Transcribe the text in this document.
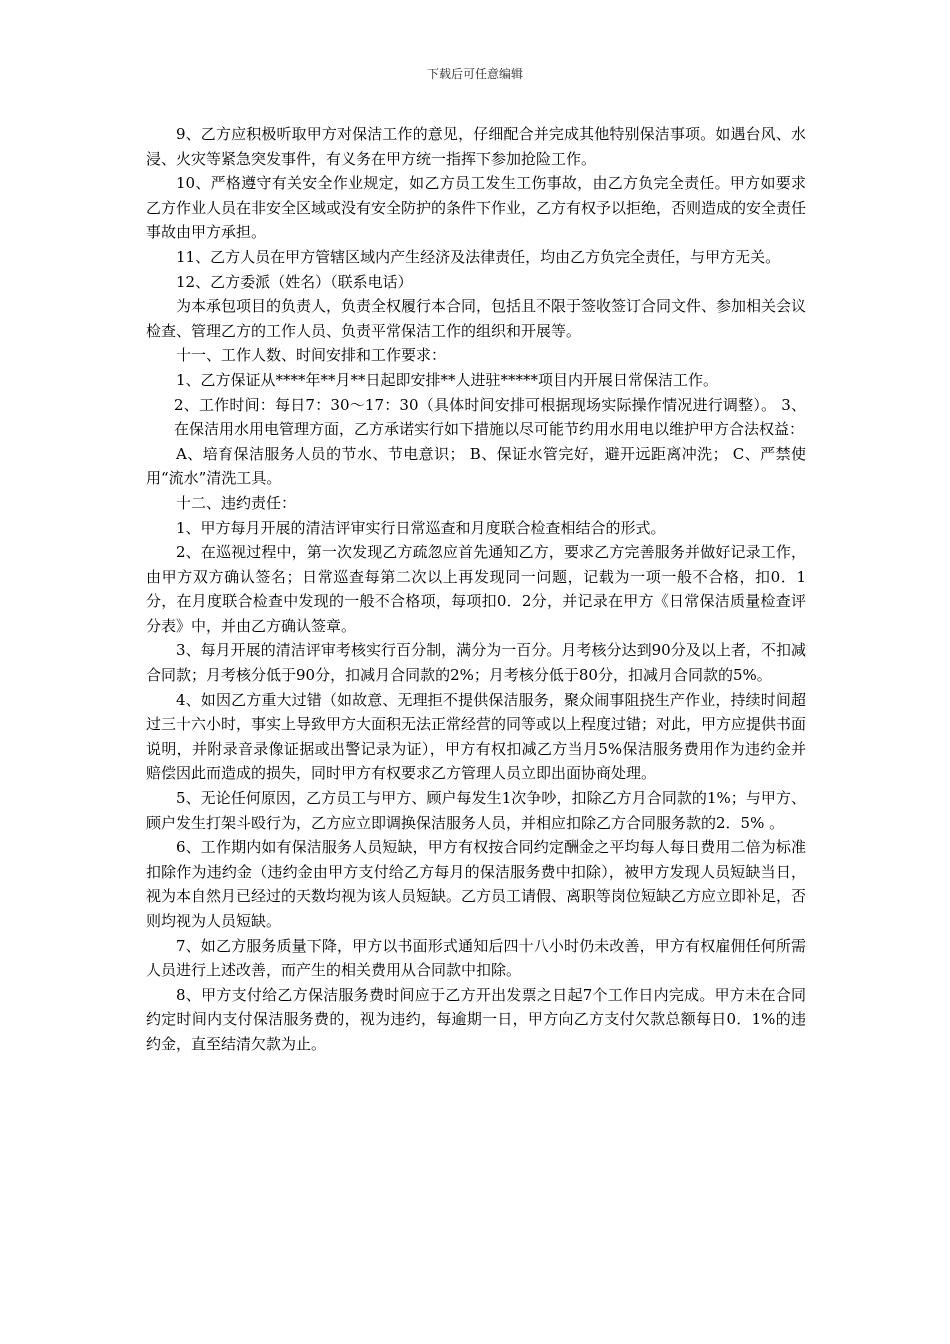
下载后可任意编辑

9、乙方应积极听取甲方对保洁工作的意见，仔细配合并完成其他特别保洁事项。如遇台风、水浸、火灾等紧急突发事件，有义务在甲方统一指挥下参加抢险工作。

10、严格遵守有关安全作业规定，如乙方员工发生工伤事故，由乙方负完全责任。甲方如要求乙方作业人员在非安全区域或没有安全防护的条件下作业，乙方有权予以拒绝，否则造成的安全责任事故由甲方承担。

11、乙方人员在甲方管辖区域内产生经济及法律责任，均由乙方负完全责任，与甲方无关。

12、乙方委派（姓名）（联系电话）

为本承包项目的负责人，负责全权履行本合同，包括且不限于签收签订合同文件、参加相关会议检查、管理乙方的工作人员、负责平常保洁工作的组织和开展等。

十一、工作人数、时间安排和工作要求：

1、乙方保证从****年**月**日起即安排**人进驻*****项目内开展日常保洁工作。

2、工作时间：每日7：30～17：30（具体时间安排可根据现场实际操作情况进行调整）。 3、在保洁用水用电管理方面，乙方承诺实行如下措施以尽可能节约用水用电以维护甲方合法权益：

A、培育保洁服务人员的节水、节电意识； B、保证水管完好，避开远距离冲洗； C、严禁使用“流水”清洗工具。

十二、违约责任：

1、甲方每月开展的清洁评审实行日常巡查和月度联合检查相结合的形式。

2、在巡视过程中，第一次发现乙方疏忽应首先通知乙方，要求乙方完善服务并做好记录工作，由甲方双方确认签名；日常巡查每第二次以上再发现同一问题，记载为一项一般不合格，扣0．1分，在月度联合检查中发现的一般不合格项，每项扣0．2分，并记录在甲方《日常保洁质量检查评分表》中，并由乙方确认签章。

3、每月开展的清洁评审考核实行百分制，满分为一百分。月考核分达到90分及以上者，不扣减合同款；月考核分低于90分，扣减月合同款的2%；月考核分低于80分，扣减月合同款的5%。

4、如因乙方重大过错（如故意、无理拒不提供保洁服务，聚众闹事阻挠生产作业，持续时间超过三十六小时，事实上导致甲方大面积无法正常经营的同等或以上程度过错；对此，甲方应提供书面说明，并附录音录像证据或出警记录为证），甲方有权扣减乙方当月5%保洁服务费用作为违约金并赔偿因此而造成的损失，同时甲方有权要求乙方管理人员立即出面协商处理。

5、无论任何原因，乙方员工与甲方、顾户每发生1次争吵，扣除乙方月合同款的1%；与甲方、顾户发生打架斗殴行为，乙方应立即调换保洁服务人员，并相应扣除乙方合同服务款的2．5% 。

6、工作期内如有保洁服务人员短缺，甲方有权按合同约定酬金之平均每人每日费用二倍为标准扣除作为违约金（违约金由甲方支付给乙方每月的保洁服务费中扣除），被甲方发现人员短缺当日，视为本自然月已经过的天数均视为该人员短缺。乙方员工请假、离职等岗位短缺乙方应立即补足，否则均视为人员短缺。

7、如乙方服务质量下降，甲方以书面形式通知后四十八小时仍未改善，甲方有权雇佣任何所需人员进行上述改善，而产生的相关费用从合同款中扣除。

8、甲方支付给乙方保洁服务费时间应于乙方开出发票之日起7个工作日内完成。甲方未在合同约定时间内支付保洁服务费的，视为违约，每逾期一日，甲方向乙方支付欠款总额每日0．1%的违约金，直至结清欠款为止。
